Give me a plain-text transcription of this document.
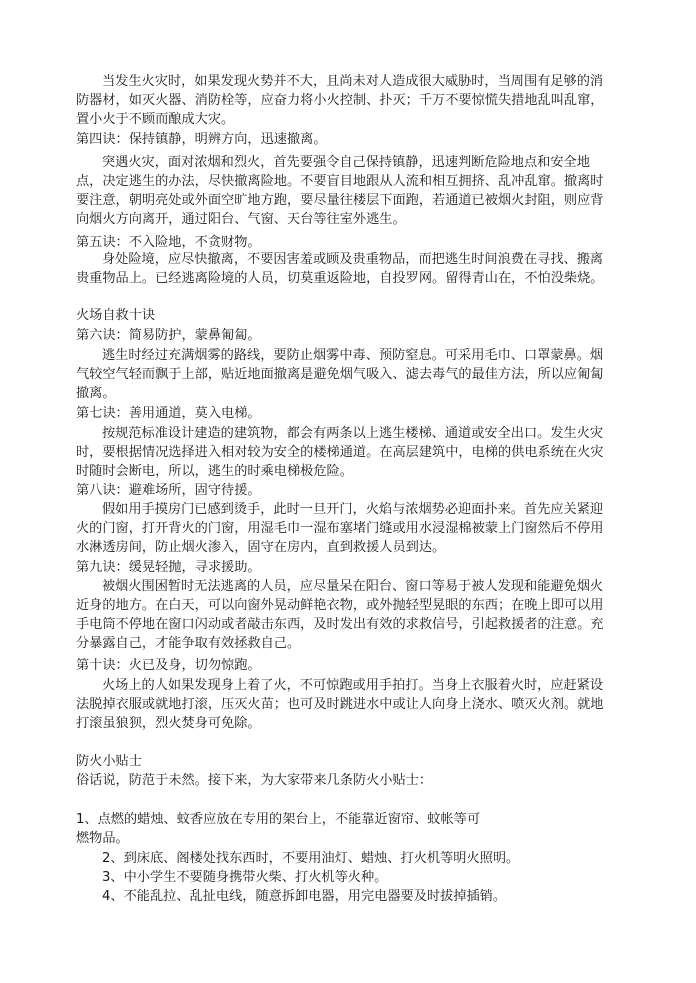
当发生火灾时，如果发现火势并不大，且尚未对人造成很大威胁时，当周围有足够的消防器材，如灭火器、消防栓等，应奋力将小火控制、扑灭；千万不要惊慌失措地乱叫乱窜，置小火于不顾而酿成大灾。

第四诀：保持镇静，明辨方向，迅速撤离。

突遇火灾，面对浓烟和烈火，首先要强令自己保持镇静，迅速判断危险地点和安全地点，决定逃生的办法，尽快撤离险地。不要盲目地跟从人流和相互拥挤、乱冲乱窜。撤离时要注意，朝明亮处或外面空旷地方跑，要尽量往楼层下面跑，若通道已被烟火封阻，则应背向烟火方向离开，通过阳台、气窗、天台等往室外逃生。

第五诀：不入险地，不贪财物。

身处险境，应尽快撤离，不要因害羞或顾及贵重物品，而把逃生时间浪费在寻找、搬离贵重物品上。已经逃离险境的人员，切莫重返险地，自投罗网。留得青山在，不怕没柴烧。

火场自救十诀

第六诀：简易防护，蒙鼻匍匐。

逃生时经过充满烟雾的路线，要防止烟雾中毒、预防窒息。可采用毛巾、口罩蒙鼻。烟气较空气轻而飘于上部，贴近地面撤离是避免烟气吸入、滤去毒气的最佳方法，所以应匍匐撤离。

第七诀：善用通道，莫入电梯。

按规范标准设计建造的建筑物，都会有两条以上逃生楼梯、通道或安全出口。发生火灾时，要根据情况选择进入相对较为安全的楼梯通道。在高层建筑中，电梯的供电系统在火灾时随时会断电，所以，逃生的时乘电梯极危险。

第八诀：避难场所，固守待援。

假如用手摸房门已感到烫手，此时一旦开门，火焰与浓烟势必迎面扑来。首先应关紧迎火的门窗，打开背火的门窗，用湿毛巾一湿布塞堵门缝或用水浸湿棉被蒙上门窗然后不停用水淋透房间，防止烟火渗入，固守在房内，直到救援人员到达。

第九诀：缓晃轻抛，寻求援助。

被烟火围困暂时无法逃离的人员，应尽量呆在阳台、窗口等易于被人发现和能避免烟火近身的地方。在白天，可以向窗外晃动鲜艳衣物，或外抛轻型晃眼的东西；在晚上即可以用手电筒不停地在窗口闪动或者敲击东西，及时发出有效的求救信号，引起救援者的注意。充分暴露自己，才能争取有效拯救自己。

第十诀：火已及身，切勿惊跑。

火场上的人如果发现身上着了火，不可惊跑或用手拍打。当身上衣服着火时，应赶紧设法脱掉衣服或就地打滚，压灭火苗；也可及时跳进水中或让人向身上浇水、喷灭火剂。就地打滚虽狼狈，烈火焚身可免除。

防火小贴士

俗话说，防范于未然。接下来，为大家带来几条防火小贴士：

1、点燃的蜡烛、蚊香应放在专用的架台上，不能靠近窗帘、蚊帐等可

燃物品。

2、到床底、阁楼处找东西时，不要用油灯、蜡烛、打火机等明火照明。

3、中小学生不要随身携带火柴、打火机等火种。

4、不能乱拉、乱扯电线，随意拆卸电器，用完电器要及时拔掉插销。
